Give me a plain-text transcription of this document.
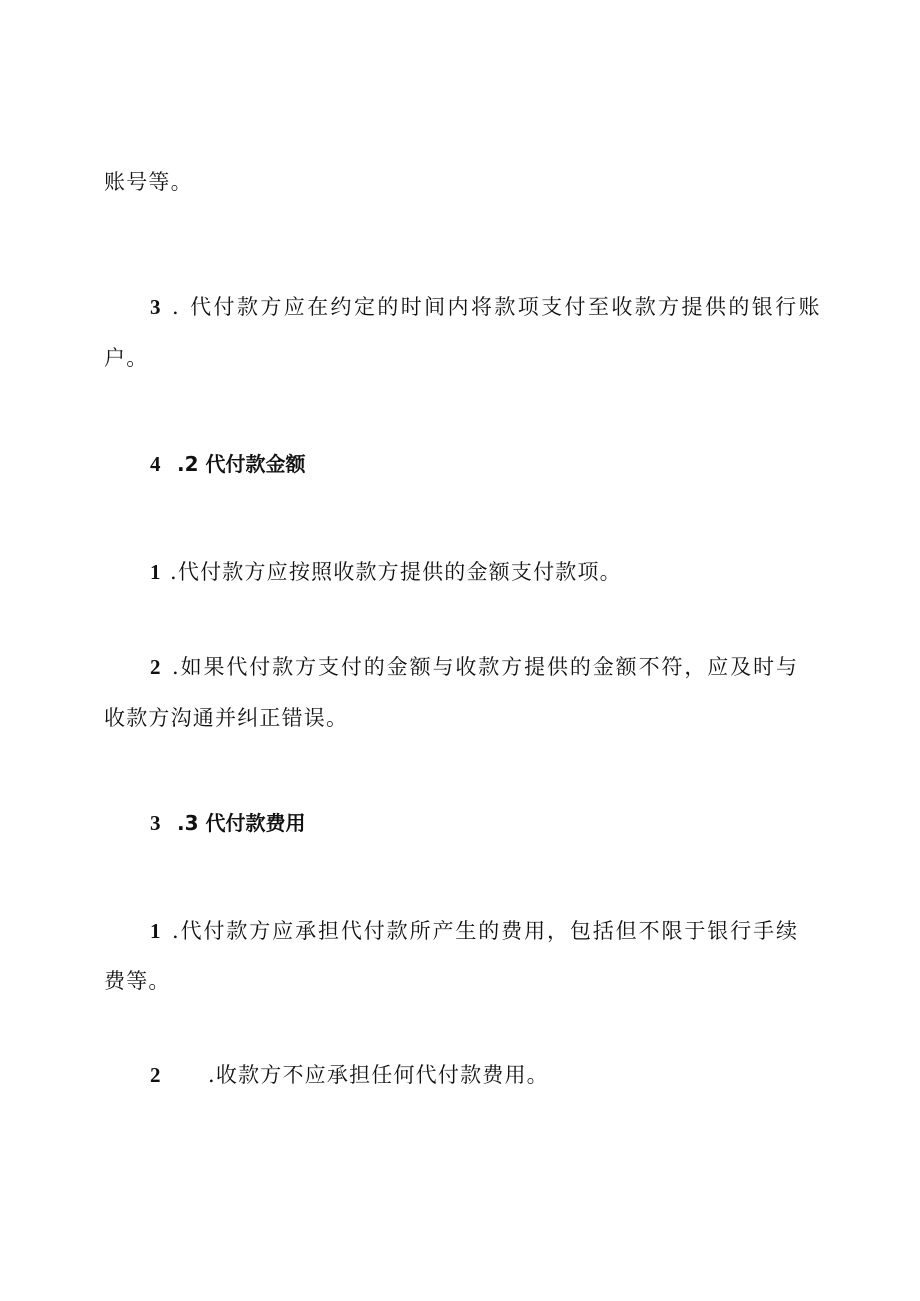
账号等。
3 . 代付款方应在约定的时间内将款项支付至收款方提供的银行账
户。
4 .2 代付款金额
1 .代付款方应按照收款方提供的金额支付款项。
2 .如果代付款方支付的金额与收款方提供的金额不符，应及时与
收款方沟通并纠正错误。
3 .3 代付款费用
1 .代付款方应承担代付款所产生的费用，包括但不限于银行手续
费等。
2 .收款方不应承担任何代付款费用。
